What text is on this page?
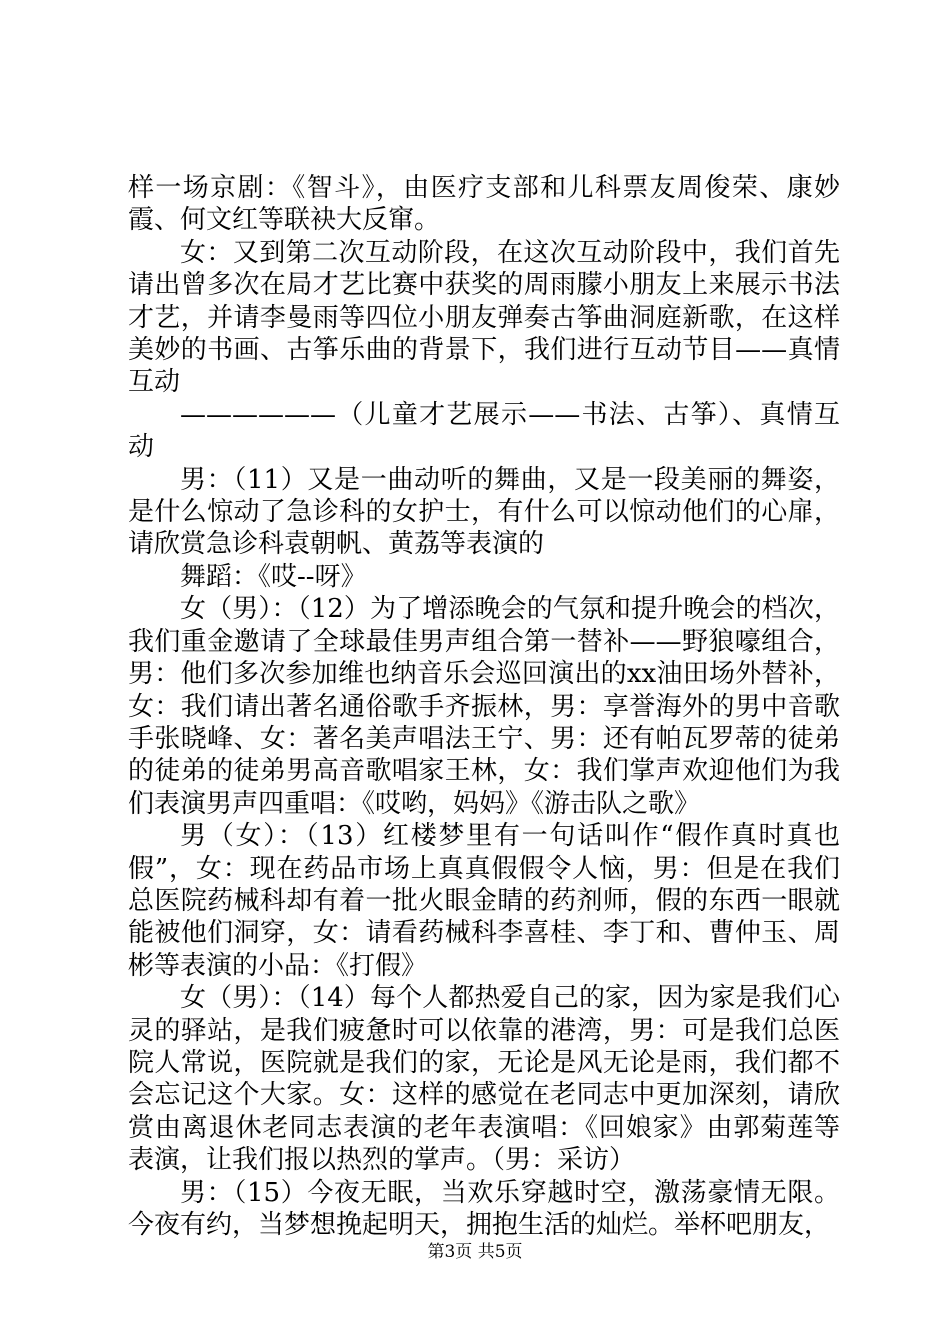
样一场京剧：《智斗》，由医疗支部和儿科票友周俊荣、康妙霞、何文红等联袂大反窜。

女：又到第二次互动阶段，在这次互动阶段中，我们首先请出曾多次在局才艺比赛中获奖的周雨朦小朋友上来展示书法才艺，并请李曼雨等四位小朋友弹奏古筝曲洞庭新歌，在这样美妙的书画、古筝乐曲的背景下，我们进行互动节目——真情互动

——————（儿童才艺展示——书法、古筝）、真情互动

男：（11）又是一曲动听的舞曲，又是一段美丽的舞姿，是什么惊动了急诊科的女护士，有什么可以惊动他们的心扉，请欣赏急诊科袁朝帆、黄荔等表演的

舞蹈：《哎--呀》

女（男）：（12）为了增添晚会的气氛和提升晚会的档次，我们重金邀请了全球最佳男声组合第一替补——野狼嚎组合，男：他们多次参加维也纳音乐会巡回演出的xx油田场外替补，女：我们请出著名通俗歌手齐振林，男：享誉海外的男中音歌手张晓峰、女：著名美声唱法王宁、男：还有帕瓦罗蒂的徒弟的徒弟的徒弟男高音歌唱家王林，女：我们掌声欢迎他们为我们表演男声四重唱：《哎哟，妈妈》《游击队之歌》

男（女）：（13）红楼梦里有一句话叫作“假作真时真也假”，女：现在药品市场上真真假假令人恼，男：但是在我们总医院药械科却有着一批火眼金睛的药剂师，假的东西一眼就能被他们洞穿，女：请看药械科李喜桂、李丁和、曹仲玉、周彬等表演的小品：《打假》

女（男）：（14）每个人都热爱自己的家，因为家是我们心灵的驿站，是我们疲惫时可以依靠的港湾，男：可是我们总医院人常说，医院就是我们的家，无论是风无论是雨，我们都不会忘记这个大家。女：这样的感觉在老同志中更加深刻，请欣赏由离退休老同志表演的老年表演唱：《回娘家》由郭菊莲等表演，让我们报以热烈的掌声。（男：采访）

男：（15）今夜无眠，当欢乐穿越时空，激荡豪情无限。今夜有约，当梦想挽起明天，拥抱生活的灿烂。举杯吧朋友，

第3页 共5页
